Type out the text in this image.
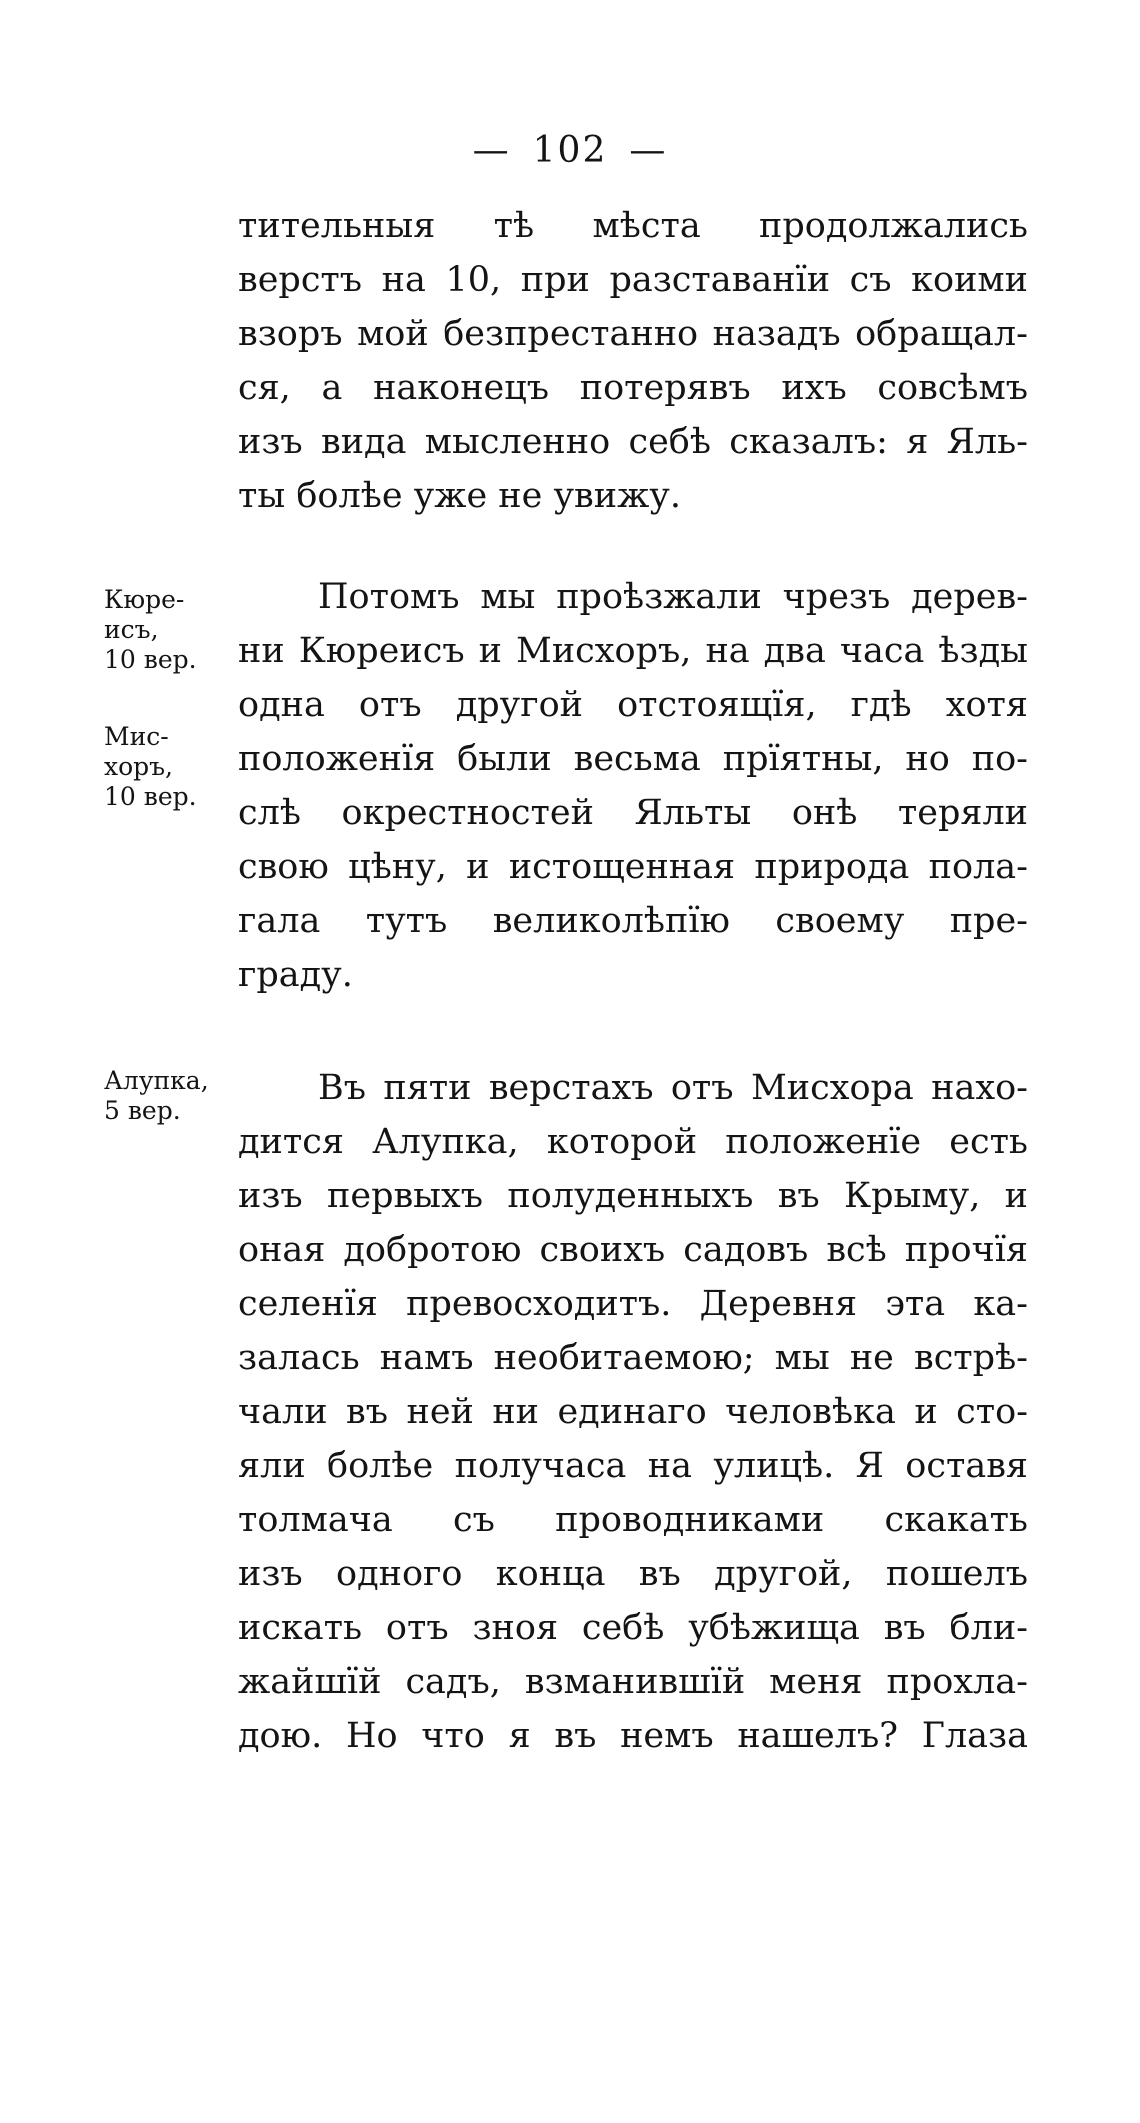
— 102 —
тительныя тѣ мѣста продолжались
верстъ на 10, при разставанїи съ коими
взоръ мой безпрестанно назадъ обращал-
ся, а наконецъ потерявъ ихъ совсѣмъ
изъ вида мысленно себѣ сказалъ: я Яль-
ты болѣе уже не увижу.
Кюре-
исъ,
10 вер.
Мис-
хоръ,
10 вер.
Потомъ мы проѣзжали чрезъ дерев-
ни Кюреисъ и Мисхоръ, на два часа ѣзды
одна отъ другой отстоящїя, гдѣ хотя
положенїя были весьма прїятны, но по-
слѣ окрестностей Яльты онѣ теряли
свою цѣну, и истощенная природа пола-
гала тутъ великолѣпїю своему пре-
граду.
Алупка,
5 вер.
Въ пяти верстахъ отъ Мисхора нахо-
дится Алупка, которой положенїе есть
изъ первыхъ полуденныхъ въ Крыму, и
оная добротою своихъ садовъ всѣ прочїя
селенїя превосходитъ. Деревня эта ка-
залась намъ необитаемою; мы не встрѣ-
чали въ ней ни единаго человѣка и сто-
яли болѣе получаса на улицѣ. Я оставя
толмача съ проводниками скакать
изъ одного конца въ другой, пошелъ
искать отъ зноя себѣ убѣжища въ бли-
жайшїй садъ, взманившїй меня прохла-
дою. Но что я въ немъ нашелъ? Глаза
